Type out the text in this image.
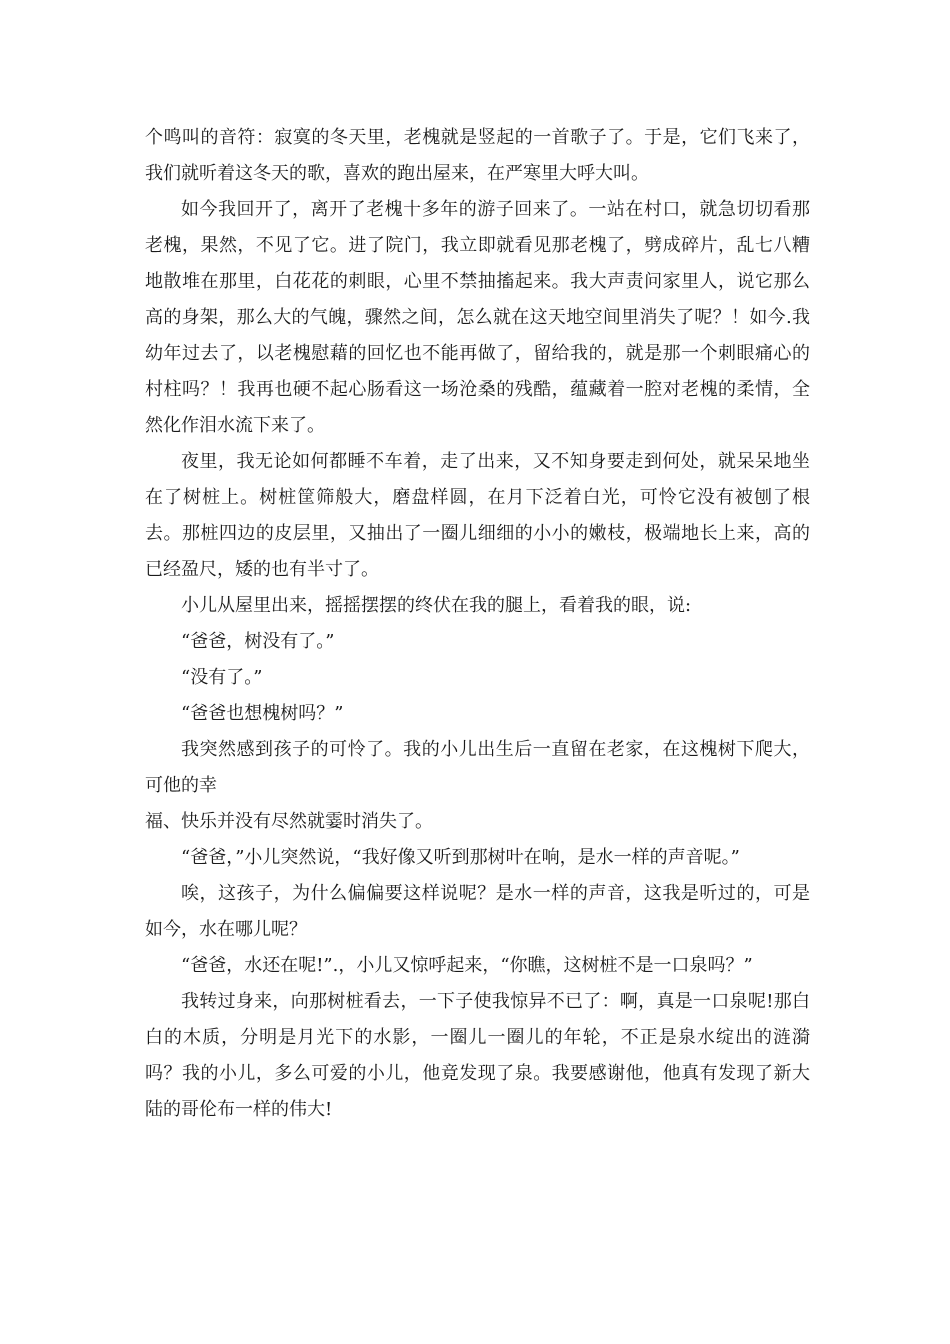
个鸣叫的音符：寂寞的冬天里，老槐就是竖起的一首歌子了。于是，它们飞来了，我们就听着这冬天的歌，喜欢的跑出屋来，在严寒里大呼大叫。

如今我回开了，离开了老槐十多年的游子回来了。一站在村口，就急切切看那老槐，果然，不见了它。进了院门，我立即就看见那老槐了，劈成碎片，乱七八糟地散堆在那里，白花花的刺眼，心里不禁抽搐起来。我大声责问家里人，说它那么高的身架，那么大的气魄，骤然之间，怎么就在这天地空间里消失了呢？！如今.我幼年过去了，以老槐慰藉的回忆也不能再做了，留给我的，就是那一个刺眼痛心的村柱吗？！我再也硬不起心肠看这一场沧桑的残酷，蕴藏着一腔对老槐的柔情，全然化作泪水流下来了。

夜里，我无论如何都睡不车着，走了出来，又不知身要走到何处，就呆呆地坐在了树桩上。树桩筐筛般大，磨盘样圆，在月下泛着白光，可怜它没有被刨了根去。那桩四边的皮层里，又抽出了一圈儿细细的小小的嫩枝，极端地长上来，高的已经盈尺，矮的也有半寸了。

小儿从屋里出来，摇摇摆摆的终伏在我的腿上，看着我的眼，说:

“爸爸，树没有了。”

“没有了。”

“爸爸也想槐树吗？”

我突然感到孩子的可怜了。我的小儿出生后一直留在老家，在这槐树下爬大，可他的幸

福、快乐并没有尽然就霎时消失了。

“爸爸，”小儿突然说，“我好像又听到那树叶在响，是水一样的声音呢。”

唉，这孩子，为什么偏偏要这样说呢？是水一样的声音，这我是听过的，可是如今，水在哪儿呢？

“爸爸，水还在呢!”.，小儿又惊呼起来，“你瞧，这树桩不是一口泉吗？”

我转过身来，向那树桩看去，一下子使我惊异不已了：啊，真是一口泉呢!那白白的木质，分明是月光下的水影，一圈儿一圈儿的年轮，不正是泉水绽出的涟漪吗？我的小儿，多么可爱的小儿，他竟发现了泉。我要感谢他，他真有发现了新大陆的哥伦布一样的伟大!
